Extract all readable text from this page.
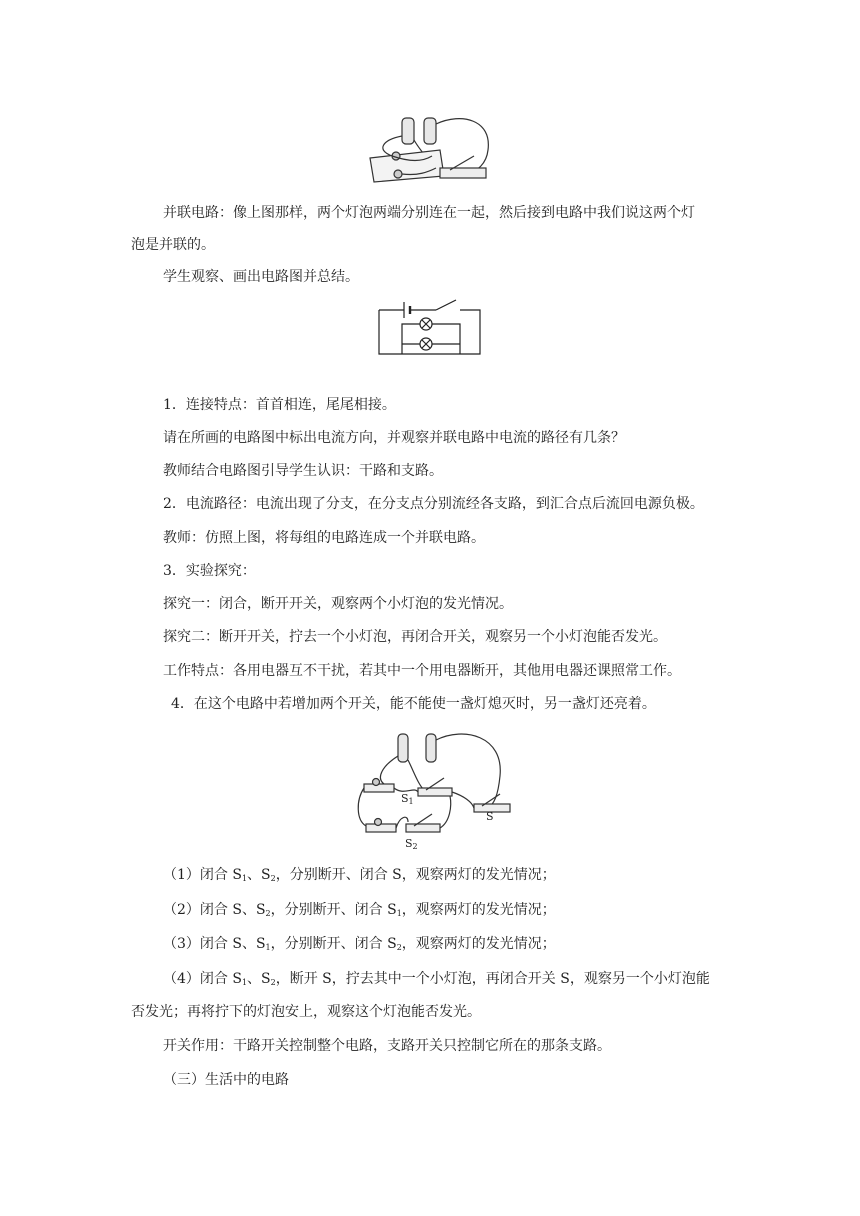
并联电路：像上图那样，两个灯泡两端分别连在一起，然后接到电路中我们说这两个灯
泡是并联的。
学生观察、画出电路图并总结。
1．连接特点：首首相连，尾尾相接。
请在所画的电路图中标出电流方向，并观察并联电路中电流的路径有几条？
教师结合电路图引导学生认识：干路和支路。
2．电流路径：电流出现了分支，在分支点分别流经各支路，到汇合点后流回电源负极。
教师：仿照上图，将每组的电路连成一个并联电路。
3．实验探究：
探究一：闭合，断开开关，观察两个小灯泡的发光情况。
探究二：断开开关，拧去一个小灯泡，再闭合开关，观察另一个小灯泡能否发光。
工作特点：各用电器互不干扰，若其中一个用电器断开，其他用电器还课照常工作。
4．在这个电路中若增加两个开关，能不能使一盏灯熄灭时，另一盏灯还亮着。
$S_1$
S
$S_2$
（1）闭合 $S_1$、$S_2$，分别断开、闭合 S，观察两灯的发光情况；
（2）闭合 S、$S_2$，分别断开、闭合 $S_1$，观察两灯的发光情况；
（3）闭合 S、$S_1$，分别断开、闭合 $S_2$，观察两灯的发光情况；
（4）闭合 $S_1$、$S_2$，断开 S，拧去其中一个小灯泡，再闭合开关 S，观察另一个小灯泡能
否发光；再将拧下的灯泡安上，观察这个灯泡能否发光。
开关作用：干路开关控制整个电路，支路开关只控制它所在的那条支路。
（三）生活中的电路
